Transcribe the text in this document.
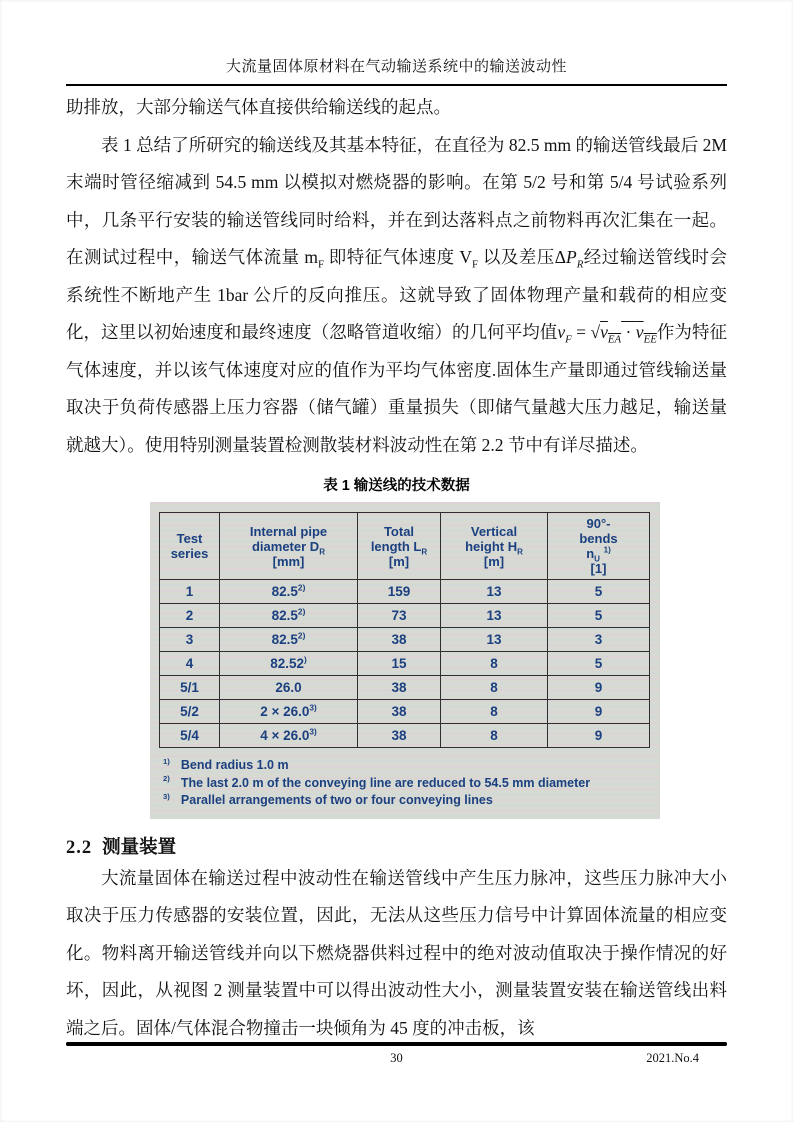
大流量固体原材料在气动输送系统中的输送波动性

助排放，大部分输送气体直接供给输送线的起点。

表 1 总结了所研究的输送线及其基本特征，在直径为 82.5 mm 的输送管线最后 2M 末端时管径缩减到 54.5 mm 以模拟对燃烧器的影响。在第 5/2 号和第 5/4 号试验系列中，几条平行安装的输送管线同时给料，并在到达落料点之前物料再次汇集在一起。在测试过程中，输送气体流量 $m_F$ 即特征气体速度 $V_F$ 以及差压$\Delta P_R$经过输送管线时会系统性不断地产生 1bar 公斤的反向推压。这就导致了固体物理产量和载荷的相应变化，这里以初始速度和最终速度（忽略管道收缩）的几何平均值$v_F = √v_{EA} \cdot v_{EE}$作为特征气体速度，并以该气体速度对应的值作为平均气体密度.固体生产量即通过管线输送量取决于负荷传感器上压力容器（储气罐）重量损失（即储气量越大压力越足，输送量就越大）。使用特别测量装置检测散装材料波动性在第 2.2 节中有详尽描述。

表 1 输送线的技术数据
Test
series	Internal pipe
diameter $D_R$
[mm]	Total
length $L_R$
[m]	Vertical
height $H_R$
[m]	90°-
bends
$n_U$ $^{1)}$
[1]
1	82.5$^{2)}$	159	13	5
2	82.5$^{2)}$	73	13	5
3	82.5$^{2)}$	38	13	3
4	82.52)	15	8	5
5/1	26.0	38	8	9
5/2	$2 \times 26.0^{3)}$	38	8	9
5/4	$4 \times 26.0^{3)}$	38	8	9
$^{1)}$ Bend radius 1.0 m
$^{2)}$ The last 2.0 m of the conveying line are reduced to 54.5 mm diameter
$^{3)}$ Parallel arrangements of two or four conveying lines
2.2 测量装置

大流量固体在输送过程中波动性在输送管线中产生压力脉冲，这些压力脉冲大小取决于压力传感器的安装位置，因此，无法从这些压力信号中计算固体流量的相应变化。物料离开输送管线并向以下燃烧器供料过程中的绝对波动值取决于操作情况的好坏，因此，从视图 2 测量装置中可以得出波动性大小，测量装置安装在输送管线出料端之后。固体/气体混合物撞击一块倾角为 45 度的冲击板，该

30	2021.No.4
